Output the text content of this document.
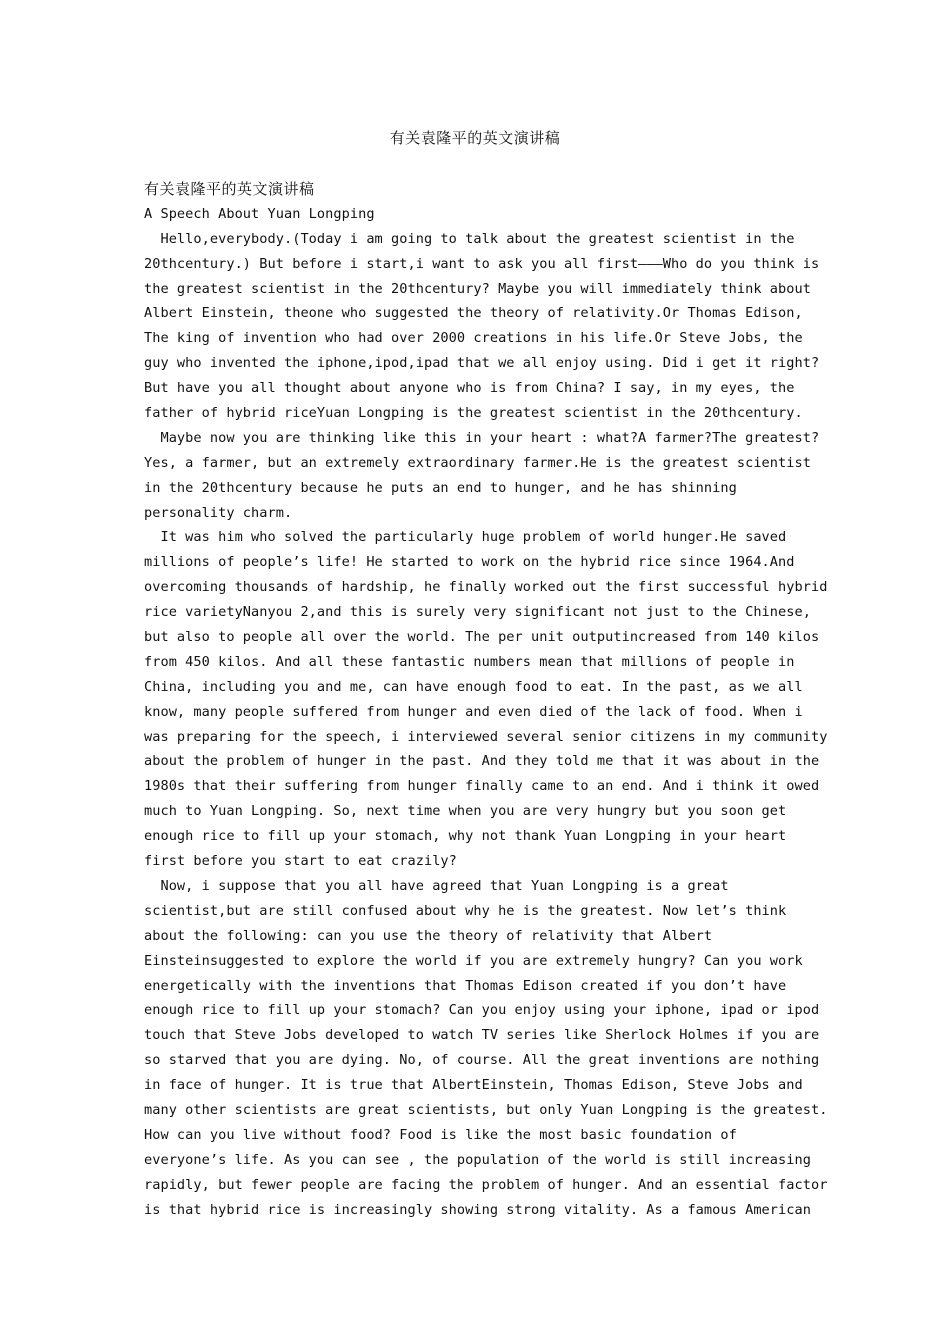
有关袁隆平的英文演讲稿
有关袁隆平的英文演讲稿
A Speech About Yuan Longping
Hello,everybody.(Today i am going to talk about the greatest scientist in the
20thcentury.) But before i start,i want to ask you all first———Who do you think is
the greatest scientist in the 20thcentury? Maybe you will immediately think about
Albert Einstein, theone who suggested the theory of relativity.Or Thomas Edison,
The king of invention who had over 2000 creations in his life.Or Steve Jobs, the
guy who invented the iphone,ipod,ipad that we all enjoy using. Did i get it right?
But have you all thought about anyone who is from China? I say, in my eyes, the
father of hybrid riceYuan Longping is the greatest scientist in the 20thcentury.
Maybe now you are thinking like this in your heart : what?A farmer?The greatest?
Yes, a farmer, but an extremely extraordinary farmer.He is the greatest scientist
in the 20thcentury because he puts an end to hunger, and he has shinning
personality charm.
It was him who solved the particularly huge problem of world hunger.He saved
millions of people’s life! He started to work on the hybrid rice since 1964.And
overcoming thousands of hardship, he finally worked out the first successful hybrid
rice varietyNanyou 2,and this is surely very significant not just to the Chinese,
but also to people all over the world. The per unit outputincreased from 140 kilos
from 450 kilos. And all these fantastic numbers mean that millions of people in
China, including you and me, can have enough food to eat. In the past, as we all
know, many people suffered from hunger and even died of the lack of food. When i
was preparing for the speech, i interviewed several senior citizens in my community
about the problem of hunger in the past. And they told me that it was about in the
1980s that their suffering from hunger finally came to an end. And i think it owed
much to Yuan Longping. So, next time when you are very hungry but you soon get
enough rice to fill up your stomach, why not thank Yuan Longping in your heart
first before you start to eat crazily?
Now, i suppose that you all have agreed that Yuan Longping is a great
scientist,but are still confused about why he is the greatest. Now let’s think
about the following: can you use the theory of relativity that Albert
Einsteinsuggested to explore the world if you are extremely hungry? Can you work
energetically with the inventions that Thomas Edison created if you don’t have
enough rice to fill up your stomach? Can you enjoy using your iphone, ipad or ipod
touch that Steve Jobs developed to watch TV series like Sherlock Holmes if you are
so starved that you are dying. No, of course. All the great inventions are nothing
in face of hunger. It is true that AlbertEinstein, Thomas Edison, Steve Jobs and
many other scientists are great scientists, but only Yuan Longping is the greatest.
How can you live without food? Food is like the most basic foundation of
everyone’s life. As you can see , the population of the world is still increasing
rapidly, but fewer people are facing the problem of hunger. And an essential factor
is that hybrid rice is increasingly showing strong vitality. As a famous American
